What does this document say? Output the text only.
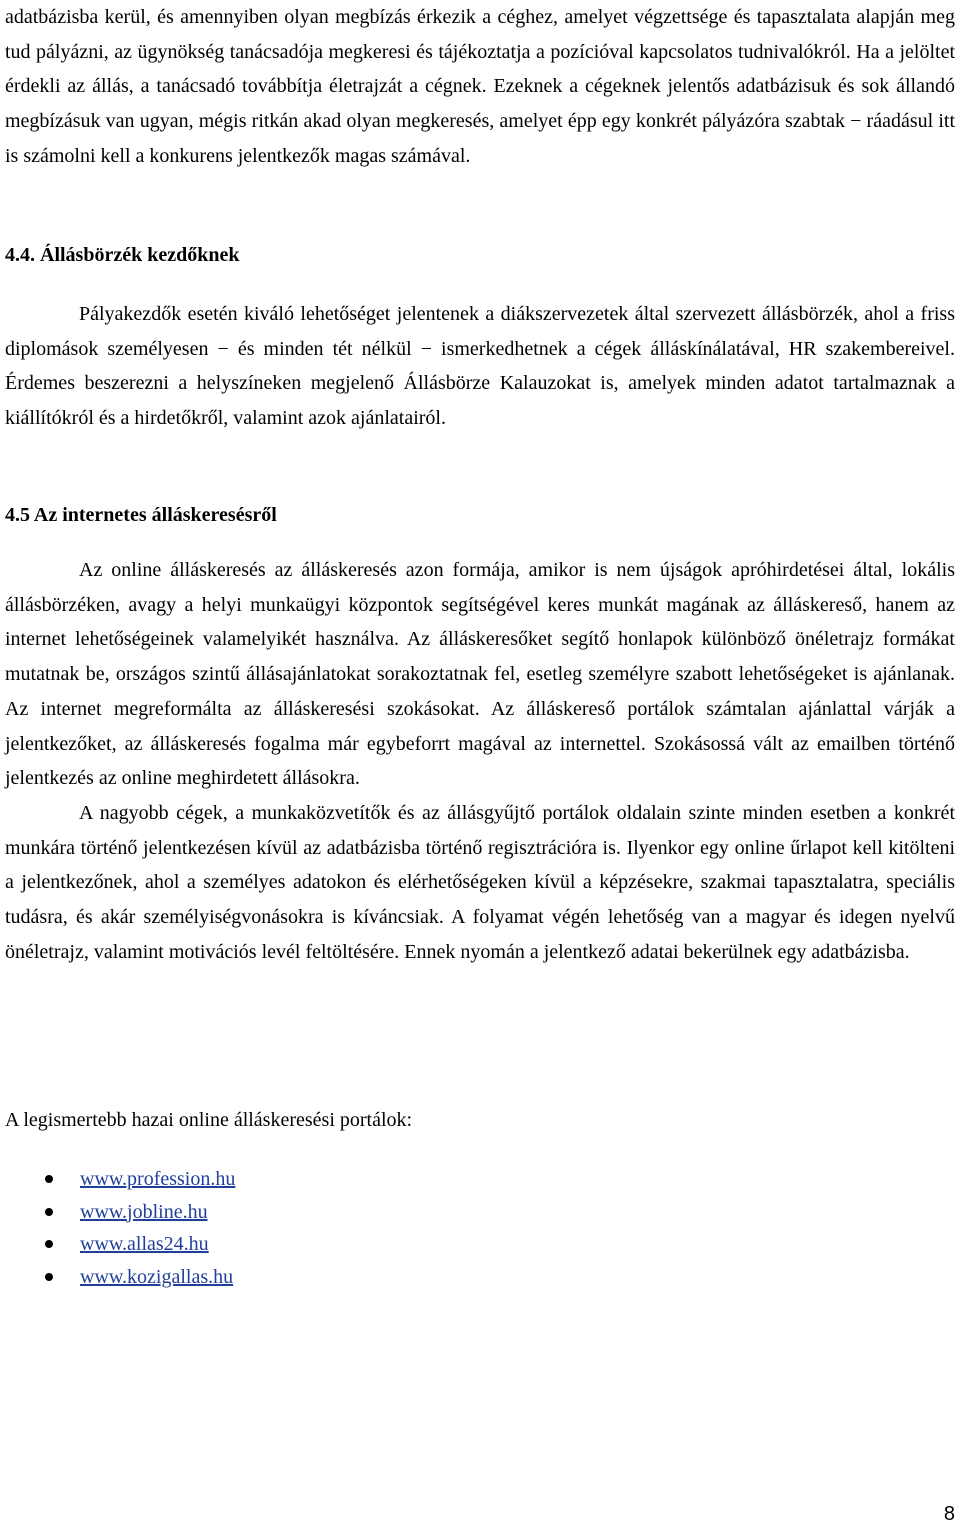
adatbázisba kerül, és amennyiben olyan megbízás érkezik a céghez, amelyet végzettsége és tapasztalata alapján meg tud pályázni, az ügynökség tanácsadója megkeresi és tájékoztatja a pozícióval kapcsolatos tudnivalókról. Ha a jelöltet érdekli az állás, a tanácsadó továbbítja életrajzát a cégnek. Ezeknek a cégeknek jelentős adatbázisuk és sok állandó megbízásuk van ugyan, mégis ritkán akad olyan megkeresés, amelyet épp egy konkrét pályázóra szabtak − ráadásul itt is számolni kell a konkurens jelentkezők magas számával.

4.4. Állásbörzék kezdőknek

Pályakezdők esetén kiváló lehetőséget jelentenek a diákszervezetek által szervezett állásbörzék, ahol a friss diplomások személyesen − és minden tét nélkül − ismerkedhetnek a cégek álláskínálatával, HR szakembereivel. Érdemes beszerezni a helyszíneken megjelenő Állásbörze Kalauzokat is, amelyek minden adatot tartalmaznak a kiállítókról és a hirdetőkről, valamint azok ajánlatairól.

4.5 Az internetes álláskeresésről

Az online álláskeresés az álláskeresés azon formája, amikor is nem újságok apróhirdetései által, lokális állásbörzéken, avagy a helyi munkaügyi központok segítségével keres munkát magának az álláskereső, hanem az internet lehetőségeinek valamelyikét használva. Az álláskeresőket segítő honlapok különböző önéletrajz formákat mutatnak be, országos szintű állásajánlatokat sorakoztatnak fel, esetleg személyre szabott lehetőségeket is ajánlanak. Az internet megreformálta az álláskeresési szokásokat. Az álláskereső portálok számtalan ajánlattal várják a jelentkezőket, az álláskeresés fogalma már egybeforrt magával az internettel. Szokásossá vált az emailben történő jelentkezés az online meghirdetett állásokra.

A nagyobb cégek, a munkaközvetítők és az állásgyűjtő portálok oldalain szinte minden esetben a konkrét munkára történő jelentkezésen kívül az adatbázisba történő regisztrációra is. Ilyenkor egy online űrlapot kell kitölteni a jelentkezőnek, ahol a személyes adatokon és elérhetőségeken kívül a képzésekre, szakmai tapasztalatra, speciális tudásra, és akár személyiségvonásokra is kíváncsiak. A folyamat végén lehetőség van a magyar és idegen nyelvű önéletrajz, valamint motivációs levél feltöltésére. Ennek nyomán a jelentkező adatai bekerülnek egy adatbázisba.

A legismertebb hazai online álláskeresési portálok:

www.profession.hu
www.jobline.hu
www.allas24.hu
www.kozigallas.hu
8
